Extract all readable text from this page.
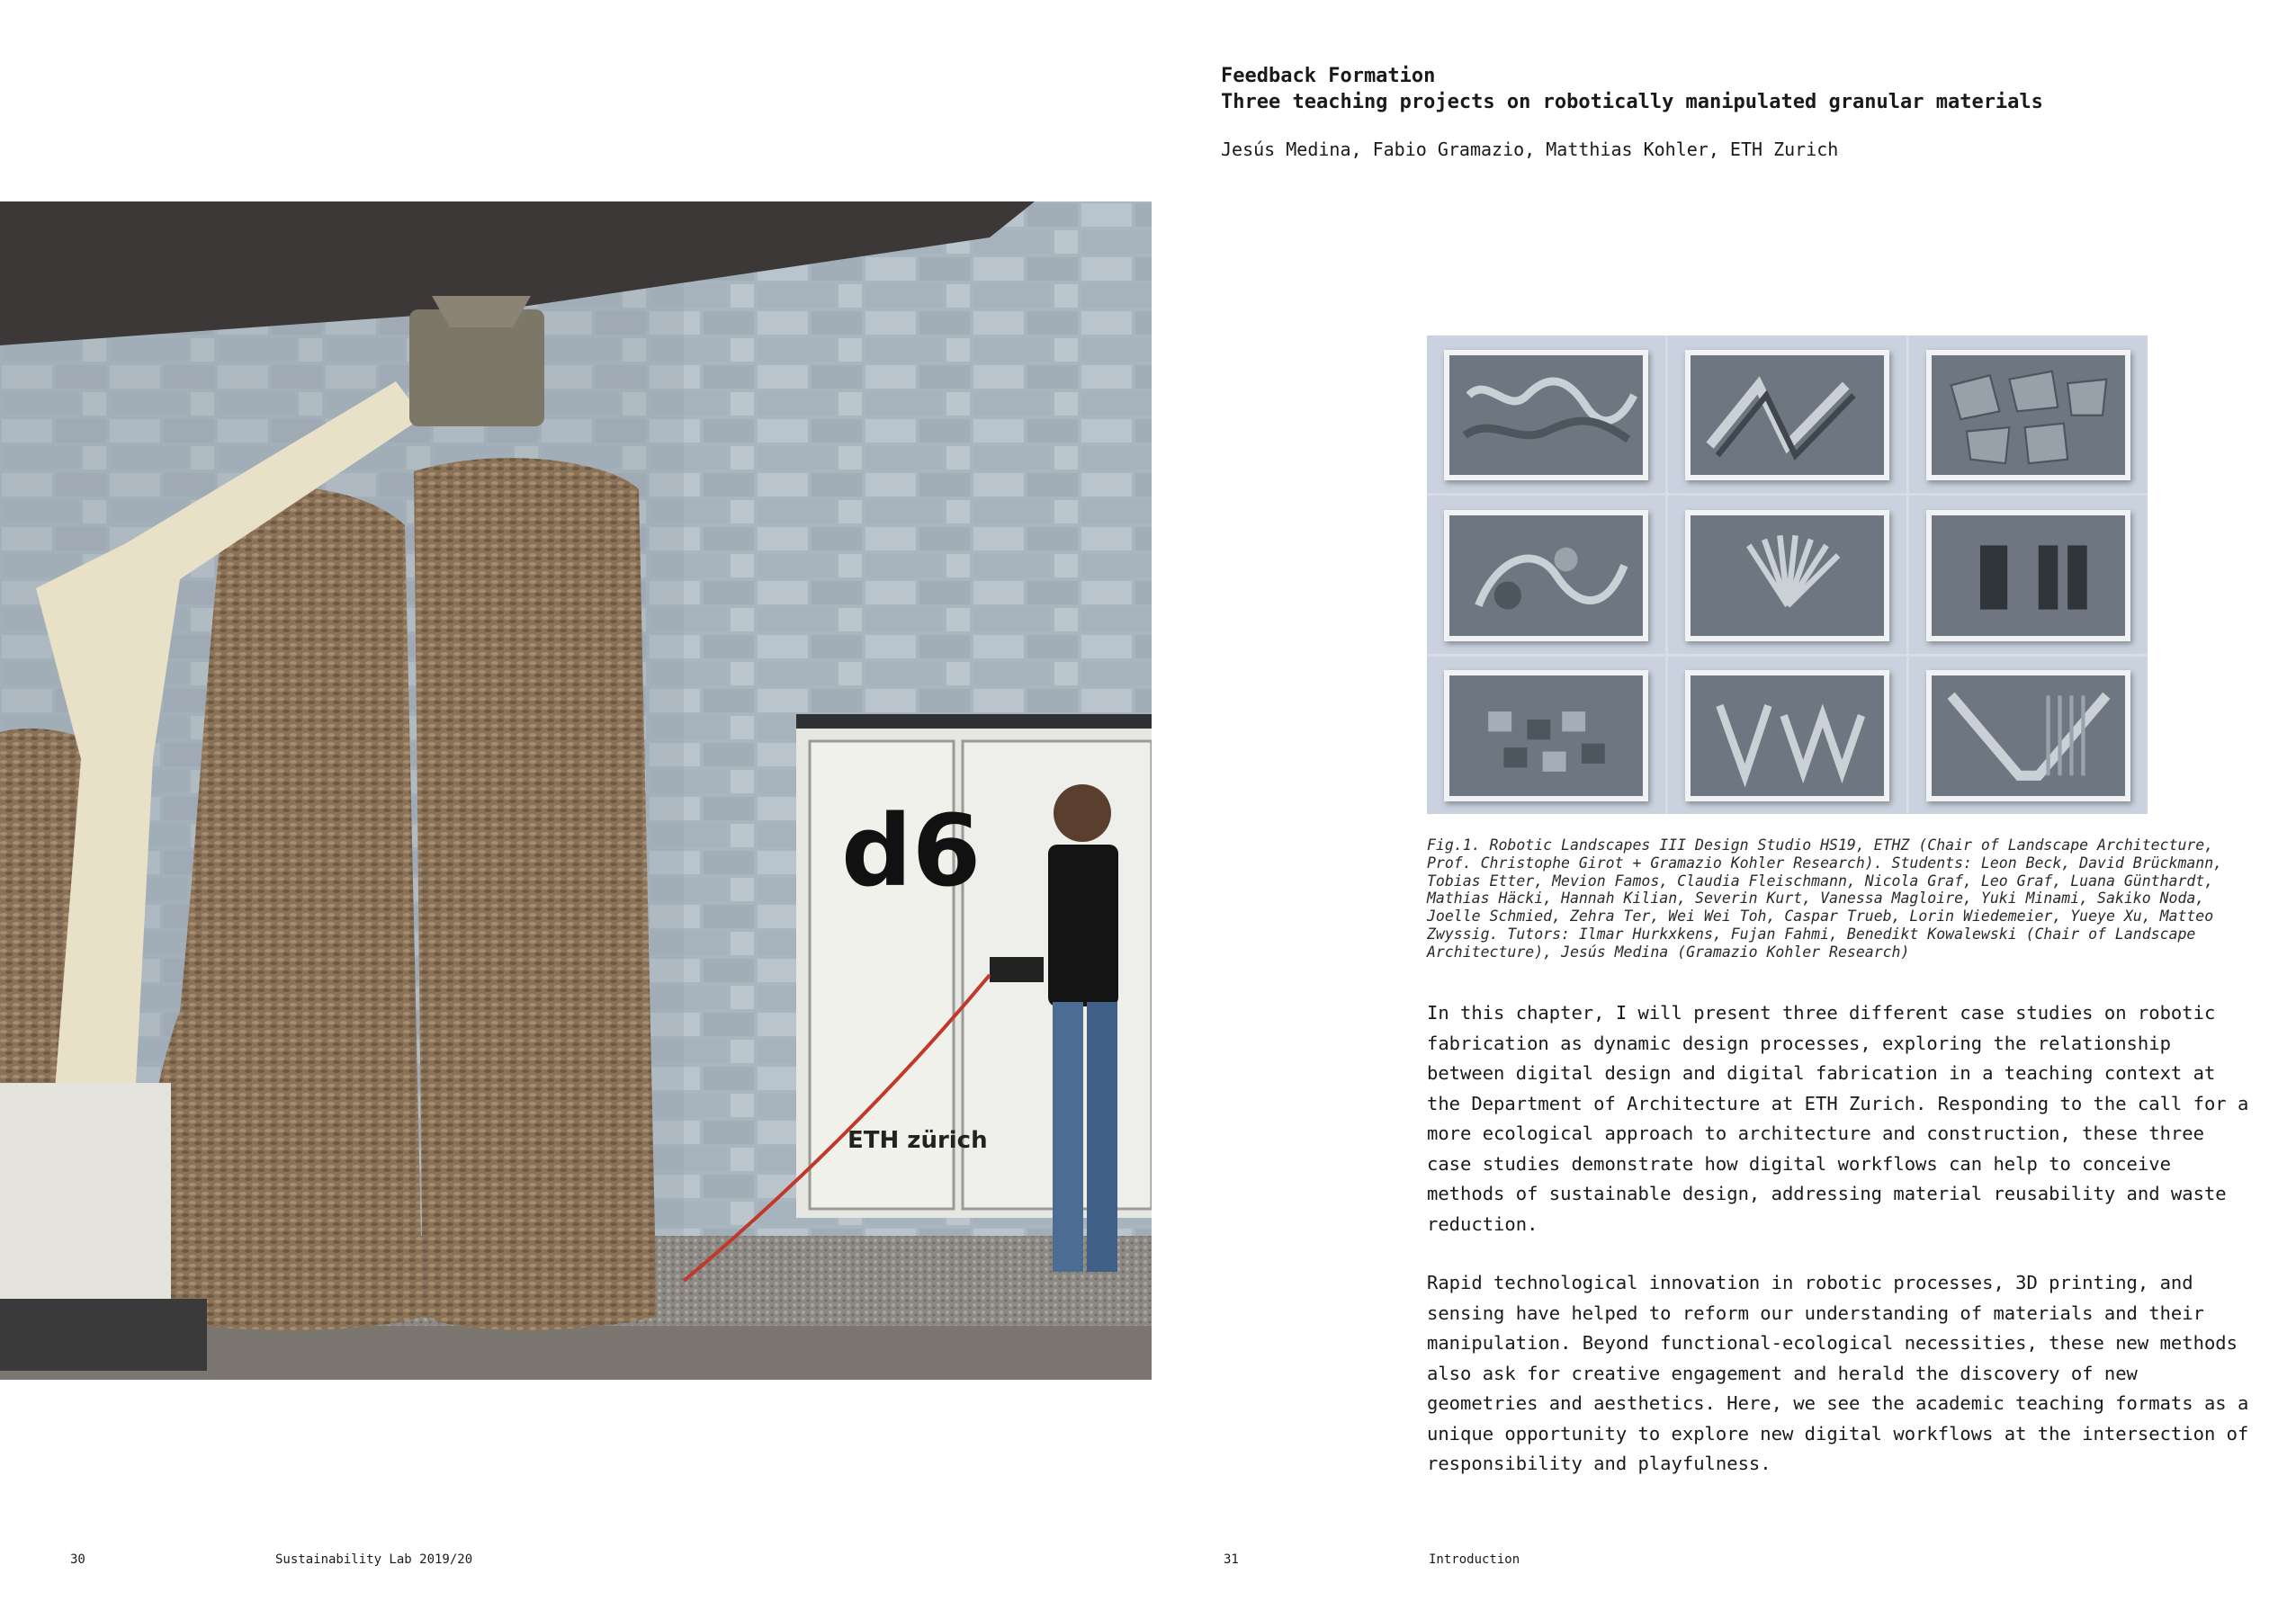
Feedback Formation
Three teaching projects on robotically manipulated granular materials

Jesús Medina, Fabio Gramazio, Matthias Kohler, ETH Zurich

d6
ETH zürich

Fig.1. Robotic Landscapes III Design Studio HS19, ETHZ (Chair of Landscape Architecture, Prof. Christophe Girot + Gramazio Kohler Research). Students: Leon Beck, David Brückmann, Tobias Etter, Mevion Famos, Claudia Fleischmann, Nicola Graf, Leo Graf, Luana Günthardt, Mathias Häcki, Hannah Kilian, Severin Kurt, Vanessa Magloire, Yuki Minami, Sakiko Noda, Joelle Schmied, Zehra Ter, Wei Wei Toh, Caspar Trueb, Lorin Wiedemeier, Yueye Xu, Matteo Zwyssig. Tutors: Ilmar Hurkxkens, Fujan Fahmi, Benedikt Kowalewski (Chair of Landscape Architecture), Jesús Medina (Gramazio Kohler Research)

In this chapter, I will present three different case studies on robotic fabrication as dynamic design processes, exploring the relationship between digital design and digital fabrication in a teaching context at the Department of Architecture at ETH Zurich. Responding to the call for a more ecological approach to architecture and construction, these three case studies demonstrate how digital workflows can help to conceive methods of sustainable design, addressing material reusability and waste reduction.

Rapid technological innovation in robotic processes, 3D printing, and sensing have helped to reform our understanding of materials and their manipulation. Beyond functional-ecological necessities, these new methods also ask for creative engagement and herald the discovery of new geometries and aesthetics. Here, we see the academic teaching formats as a unique opportunity to explore new digital workflows at the intersection of responsibility and playfulness.

30	Sustainability Lab 2019/20	31	Introduction
